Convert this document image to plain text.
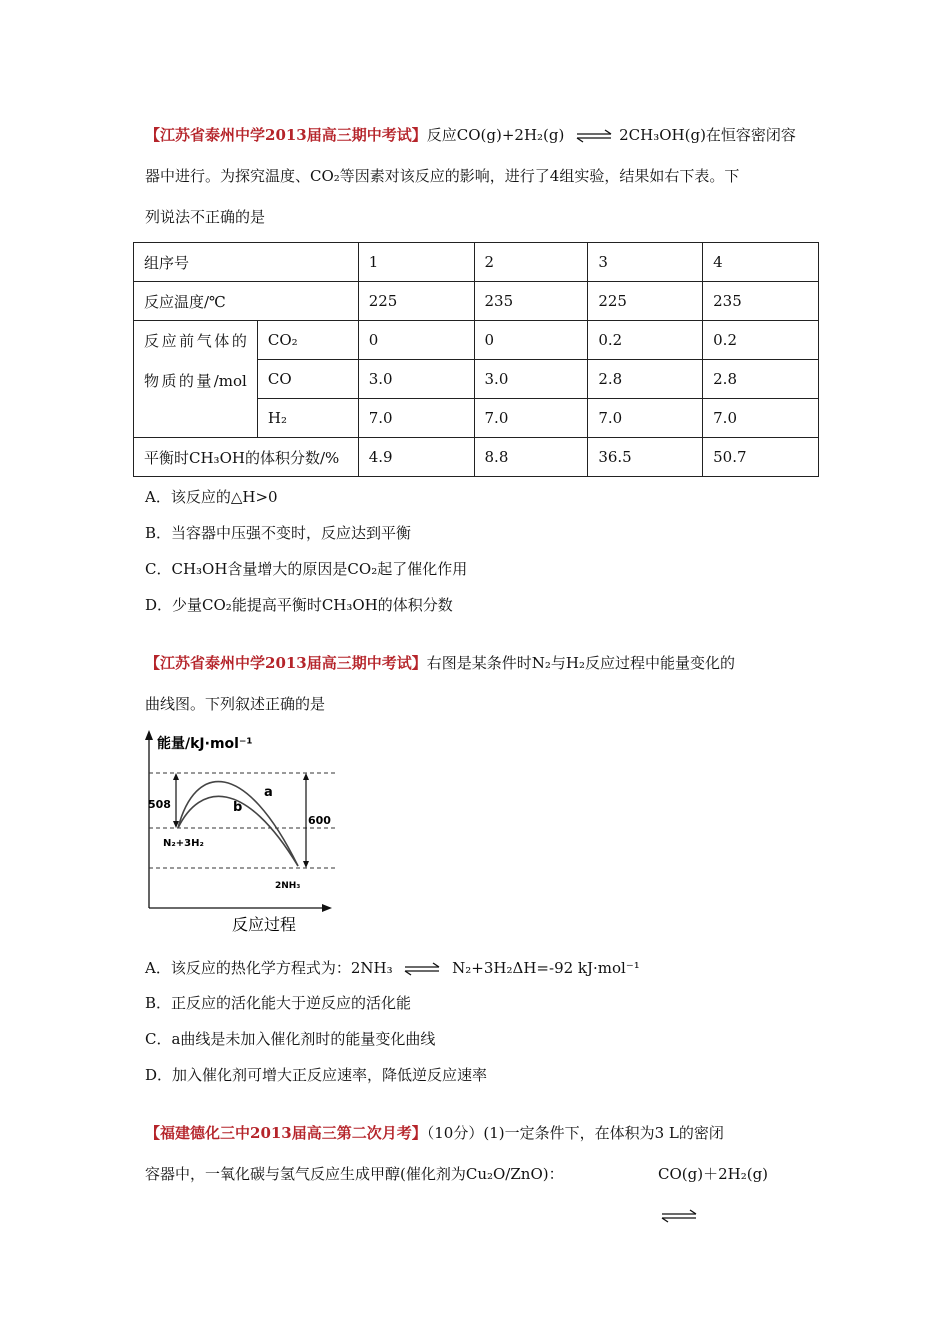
【江苏省泰州中学2013届高三期中考试】反应CO(g)+2H₂(g) ⇌ 2CH₃OH(g)在恒容密闭容
器中进行。为探究温度、CO₂等因素对该反应的影响，进行了4组实验，结果如右下表。下
列说法不正确的是
组序号		1	2	3	4
反应温度/℃		225	235	225	235
反应前气体的物质的量/mol	CO₂	0	0	0.2	0.2
	CO	3.0	3.0	2.8	2.8
	H₂	7.0	7.0	7.0	7.0
平衡时CH₃OH的体积分数/%		4.9	8.8	36.5	50.7
A．该反应的△H>0
B．当容器中压强不变时，反应达到平衡
C．CH₃OH含量增大的原因是CO₂起了催化作用
D．少量CO₂能提高平衡时CH₃OH的体积分数
【江苏省泰州中学2013届高三期中考试】右图是某条件时N₂与H₂反应过程中能量变化的
曲线图。下列叙述正确的是
能量/kJ·mol⁻¹
反应过程
a
b
508
600
N₂+3H₂
2NH₃
A．该反应的热化学方程式为：2NH₃ ⇌ N₂+3H₂ΔH=-92 kJ·mol⁻¹
B．正反应的活化能大于逆反应的活化能
C．a曲线是未加入催化剂时的能量变化曲线
D．加入催化剂可增大正反应速率，降低逆反应速率
【福建德化三中2013届高三第二次月考】（10分）(1)一定条件下，在体积为3 L的密闭
容器中，一氧化碳与氢气反应生成甲醇(催化剂为Cu₂O/ZnO)：	CO(g)＋2H₂(g)
